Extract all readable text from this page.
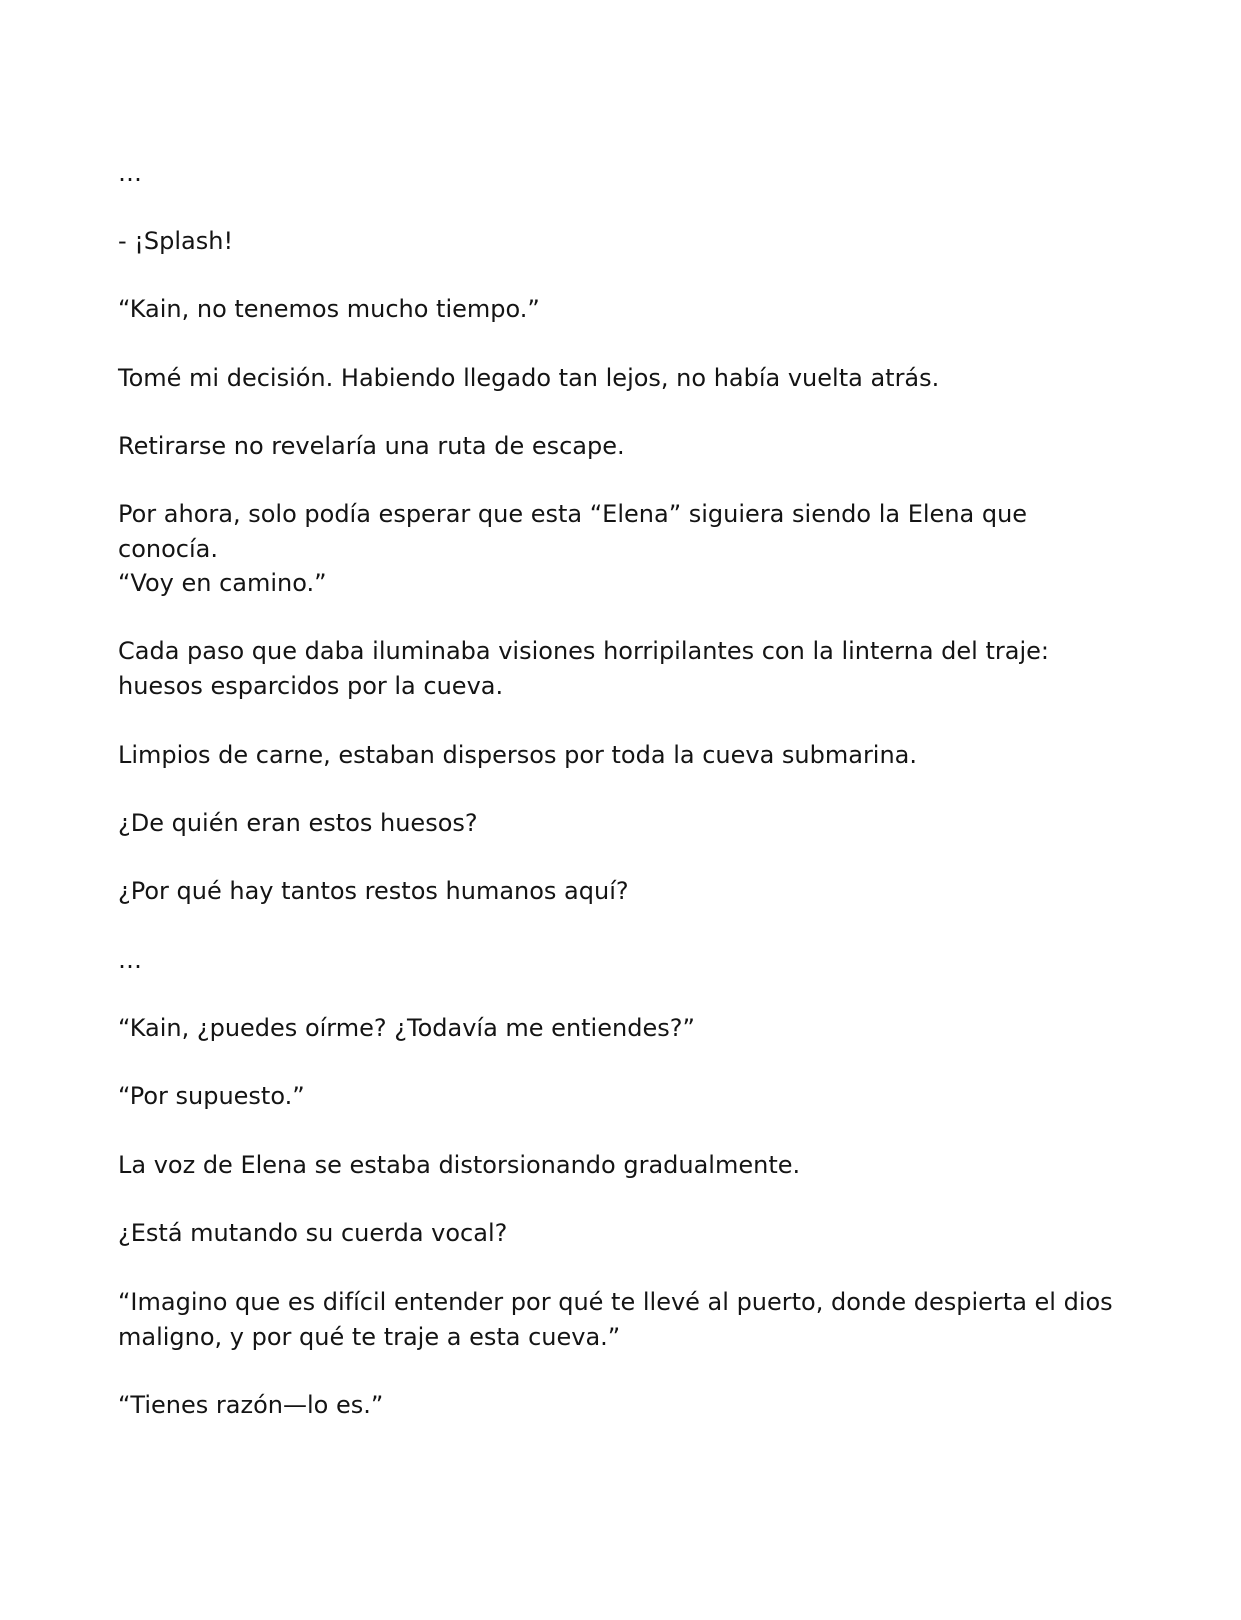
…

- ¡Splash!

“Kain, no tenemos mucho tiempo.”

Tomé mi decisión. Habiendo llegado tan lejos, no había vuelta atrás.

Retirarse no revelaría una ruta de escape.

Por ahora, solo podía esperar que esta “Elena” siguiera siendo la Elena que conocía.

“Voy en camino.”

Cada paso que daba iluminaba visiones horripilantes con la linterna del traje: huesos esparcidos por la cueva.

Limpios de carne, estaban dispersos por toda la cueva submarina.

¿De quién eran estos huesos?

¿Por qué hay tantos restos humanos aquí?

…

“Kain, ¿puedes oírme? ¿Todavía me entiendes?”

“Por supuesto.”

La voz de Elena se estaba distorsionando gradualmente.

¿Está mutando su cuerda vocal?

“Imagino que es difícil entender por qué te llevé al puerto, donde despierta el dios maligno, y por qué te traje a esta cueva.”

“Tienes razón—lo es.”
